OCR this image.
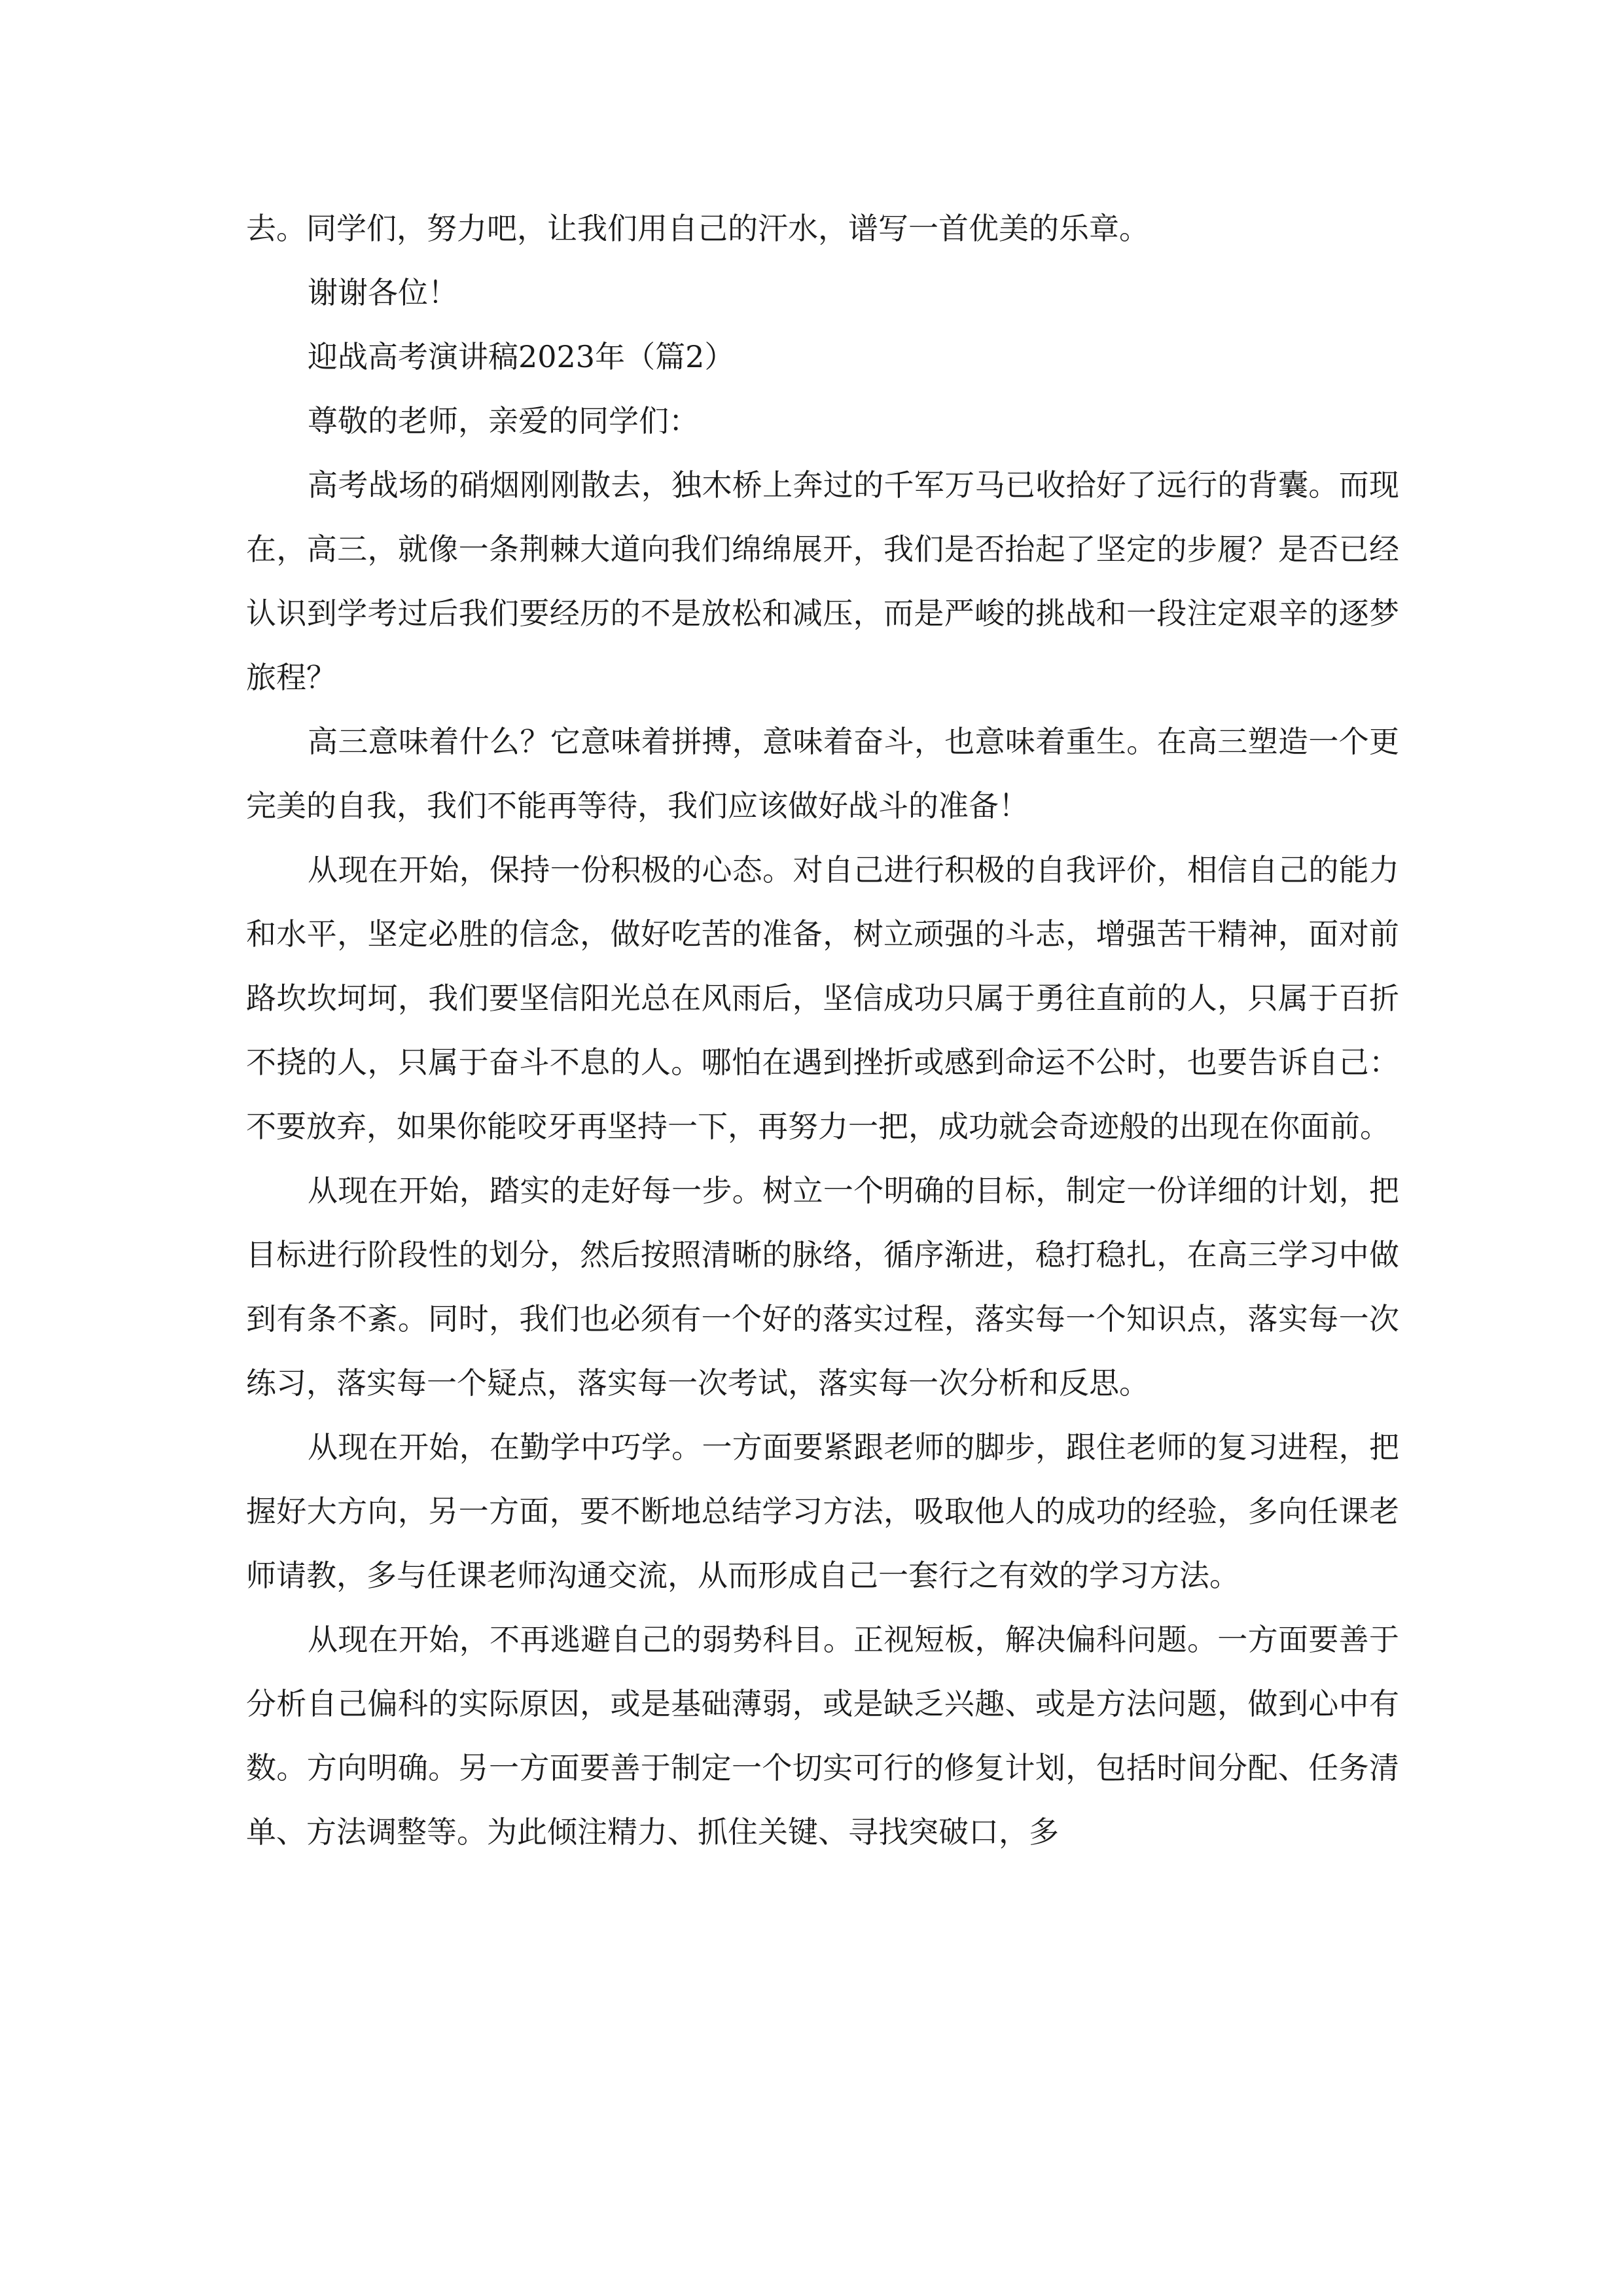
去。同学们，努力吧，让我们用自己的汗水，谱写一首优美的乐章。

谢谢各位！

迎战高考演讲稿2023年（篇2）

尊敬的老师，亲爱的同学们：

高考战场的硝烟刚刚散去，独木桥上奔过的千军万马已收拾好了远行的背囊。而现在，高三，就像一条荆棘大道向我们绵绵展开，我们是否抬起了坚定的步履？是否已经认识到学考过后我们要经历的不是放松和减压，而是严峻的挑战和一段注定艰辛的逐梦旅程？

高三意味着什么？它意味着拼搏，意味着奋斗，也意味着重生。在高三塑造一个更完美的自我，我们不能再等待，我们应该做好战斗的准备！

从现在开始，保持一份积极的心态。对自己进行积极的自我评价，相信自己的能力和水平，坚定必胜的信念，做好吃苦的准备，树立顽强的斗志，增强苦干精神，面对前路坎坎坷坷，我们要坚信阳光总在风雨后，坚信成功只属于勇往直前的人，只属于百折不挠的人，只属于奋斗不息的人。哪怕在遇到挫折或感到命运不公时，也要告诉自己：不要放弃，如果你能咬牙再坚持一下，再努力一把，成功就会奇迹般的出现在你面前。

从现在开始，踏实的走好每一步。树立一个明确的目标，制定一份详细的计划，把目标进行阶段性的划分，然后按照清晰的脉络，循序渐进，稳打稳扎，在高三学习中做到有条不紊。同时，我们也必须有一个好的落实过程，落实每一个知识点，落实每一次练习，落实每一个疑点，落实每一次考试，落实每一次分析和反思。

从现在开始，在勤学中巧学。一方面要紧跟老师的脚步，跟住老师的复习进程，把握好大方向，另一方面，要不断地总结学习方法，吸取他人的成功的经验，多向任课老师请教，多与任课老师沟通交流，从而形成自己一套行之有效的学习方法。

从现在开始，不再逃避自己的弱势科目。正视短板，解决偏科问题。一方面要善于分析自己偏科的实际原因，或是基础薄弱，或是缺乏兴趣、或是方法问题，做到心中有数。方向明确。另一方面要善于制定一个切实可行的修复计划，包括时间分配、任务清单、方法调整等。为此倾注精力、抓住关键、寻找突破口，多
